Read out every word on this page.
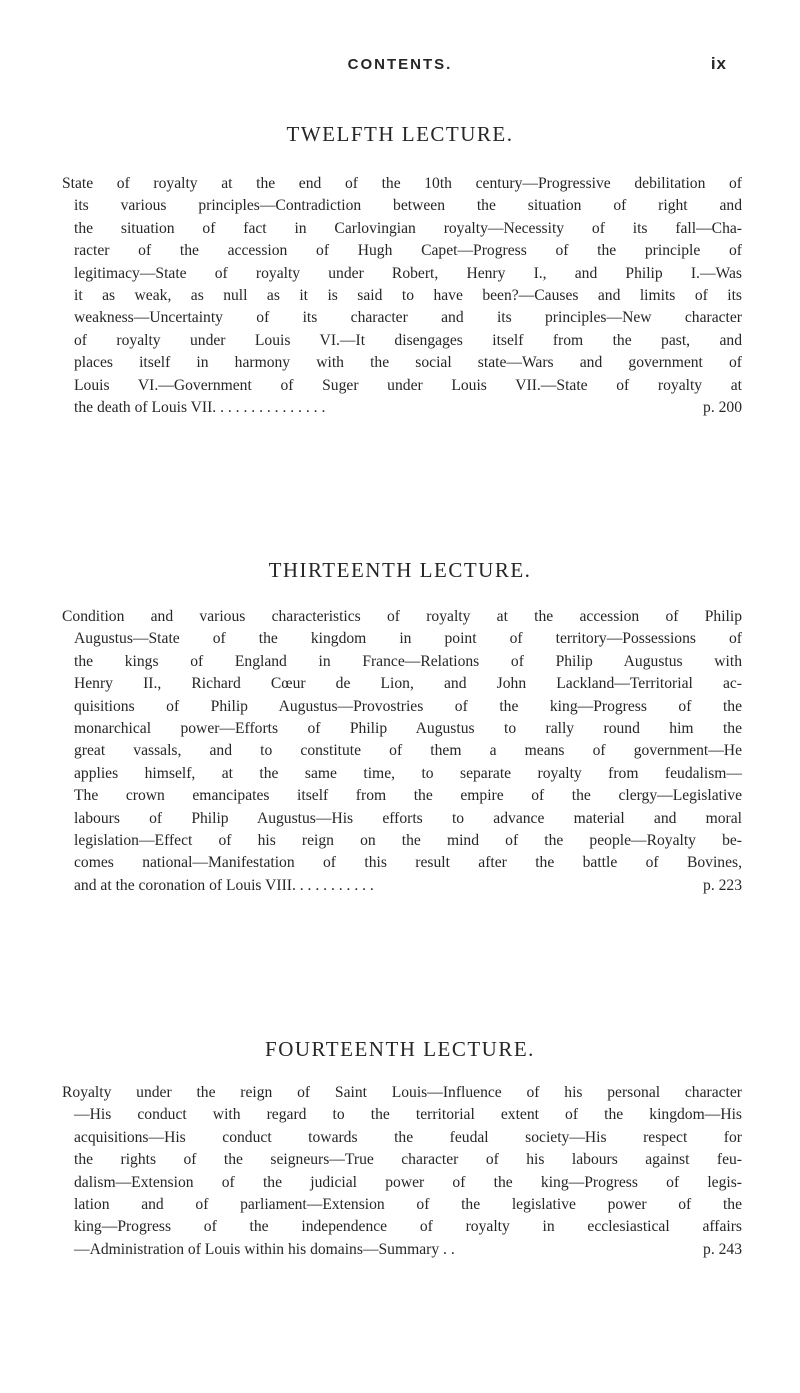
CONTENTS.	ix
TWELFTH LECTURE.
State of royalty at the end of the 10th century—Progressive debilitation of
its various principles—Contradiction between the situation of right and
the situation of fact in Carlovingian royalty—Necessity of its fall—Cha-
racter of the accession of Hugh Capet—Progress of the principle of
legitimacy—State of royalty under Robert, Henry I., and Philip I.—Was
it as weak, as null as it is said to have been?—Causes and limits of its
weakness—Uncertainty of its character and its principles—New character
of royalty under Louis VI.—It disengages itself from the past, and
places itself in harmony with the social state—Wars and government of
Louis VI.—Government of Suger under Louis VII.—State of royalty at
the death of Louis VII. . . . . . . . . . . . . . .	p. 200
THIRTEENTH LECTURE.
Condition and various characteristics of royalty at the accession of Philip
Augustus—State of the kingdom in point of territory—Possessions of
the kings of England in France—Relations of Philip Augustus with
Henry II., Richard Cœur de Lion, and John Lackland—Territorial ac-
quisitions of Philip Augustus—Provostries of the king—Progress of the
monarchical power—Efforts of Philip Augustus to rally round him the
great vassals, and to constitute of them a means of government—He
applies himself, at the same time, to separate royalty from feudalism—
The crown emancipates itself from the empire of the clergy—Legislative
labours of Philip Augustus—His efforts to advance material and moral
legislation—Effect of his reign on the mind of the people—Royalty be-
comes national—Manifestation of this result after the battle of Bovines,
and at the coronation of Louis VIII. . . . . . . . . . .	p. 223
FOURTEENTH LECTURE.
Royalty under the reign of Saint Louis—Influence of his personal character
—His conduct with regard to the territorial extent of the kingdom—His
acquisitions—His conduct towards the feudal society—His respect for
the rights of the seigneurs—True character of his labours against feu-
dalism—Extension of the judicial power of the king—Progress of legis-
lation and of parliament—Extension of the legislative power of the
king—Progress of the independence of royalty in ecclesiastical affairs
—Administration of Louis within his domains—Summary . .	p. 243
